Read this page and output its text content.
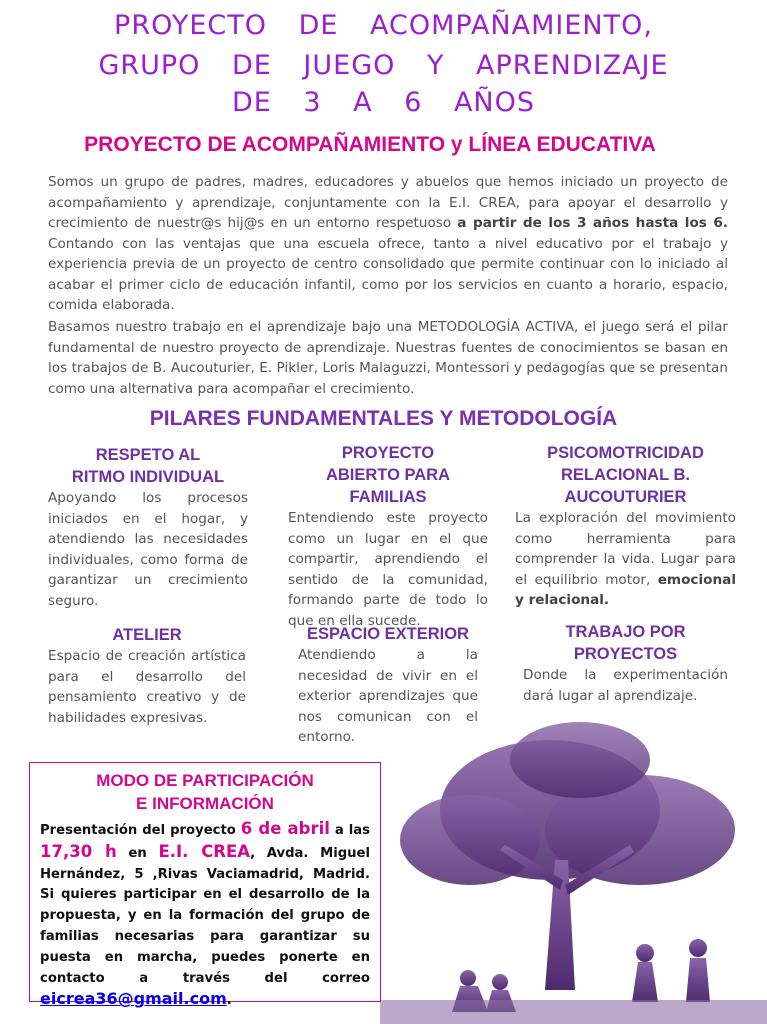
PROYECTO DE ACOMPAÑAMIENTO,
GRUPO DE JUEGO Y APRENDIZAJE
DE 3 A 6 AÑOS
PROYECTO DE ACOMPAÑAMIENTO y LÍNEA EDUCATIVA

Somos un grupo de padres, madres, educadores y abuelos que hemos iniciado un proyecto de acompañamiento y aprendizaje, conjuntamente con la E.I. CREA, para apoyar el desarrollo y crecimiento de nuestr@s hij@s en un entorno respetuoso a partir de los 3 años hasta los 6. Contando con las ventajas que una escuela ofrece, tanto a nivel educativo por el trabajo y experiencia previa de un proyecto de centro consolidado que permite continuar con lo iniciado al acabar el primer ciclo de educación infantil, como por los servicios en cuanto a horario, espacio, comida elaborada.

Basamos nuestro trabajo en el aprendizaje bajo una METODOLOGÍA ACTIVA, el juego será el pilar fundamental de nuestro proyecto de aprendizaje. Nuestras fuentes de conocimientos se basan en los trabajos de B. Aucouturier, E. Pikler, Loris Malaguzzi, Montessori y pedagogías que se presentan como una alternativa para acompañar el crecimiento.

PILARES FUNDAMENTALES Y METODOLOGÍA
RESPETO AL RITMO INDIVIDUAL

Apoyando los procesos iniciados en el hogar, y atendiendo las necesidades individuales, como forma de garantizar un crecimiento seguro.

PROYECTO ABIERTO PARA FAMILIAS

Entendiendo este proyecto como un lugar en el que compartir, aprendiendo el sentido de la comunidad, formando parte de todo lo que en ella sucede.

PSICOMOTRICIDAD RELACIONAL B. AUCOUTURIER

La exploración del movimiento como herramienta para comprender la vida. Lugar para el equilibrio motor, emocional y relacional.

ATELIER

Espacio de creación artística para el desarrollo del pensamiento creativo y de habilidades expresivas.

ESPACIO EXTERIOR

Atendiendo a la necesidad de vivir en el exterior aprendizajes que nos comunican con el entorno.

TRABAJO POR PROYECTOS

Donde la experimentación dará lugar al aprendizaje.

MODO DE PARTICIPACIÓN
E INFORMACIÓN
Presentación del proyecto 6 de abril a las 17,30 h en E.I. CREA, Avda. Miguel Hernández, 5 ,Rivas Vaciamadrid, Madrid. Si quieres participar en el desarrollo de la propuesta, y en la formación del grupo de familias necesarias para garantizar su puesta en marcha, puedes ponerte en contacto a través del correo eicrea36@gmail.com.
